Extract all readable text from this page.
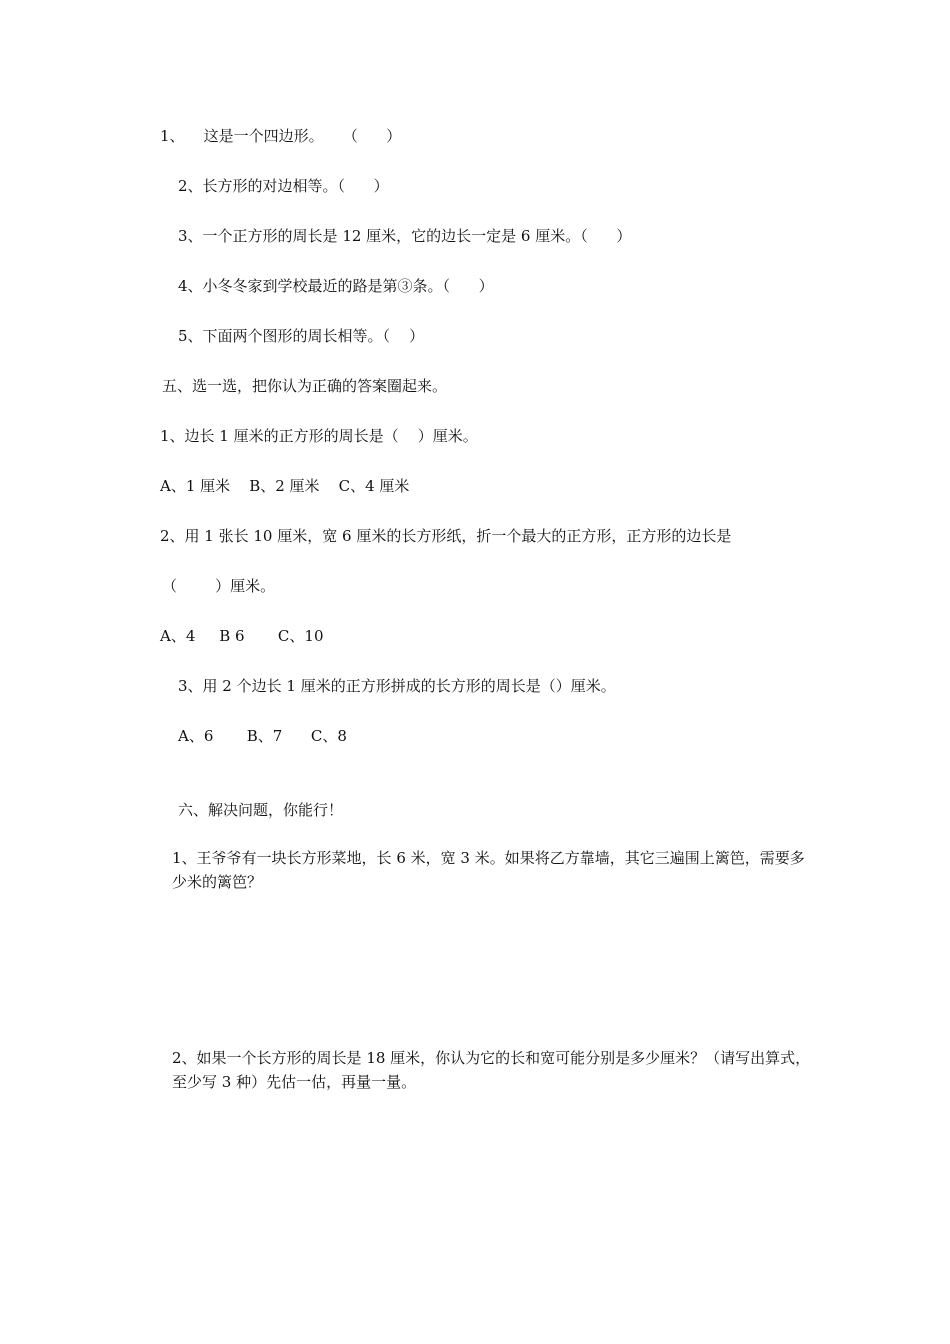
1、    这是一个四边形。    （      ）
2、长方形的对边相等。（      ）
3、一个正方形的周长是 12 厘米，它的边长一定是 6 厘米。（      ）
4、小冬冬家到学校最近的路是第③条。（      ）
5、下面两个图形的周长相等。（    ）
五、选一选，把你认为正确的答案圈起来。
1、边长 1 厘米的正方形的周长是（    ）厘米。
A、1 厘米    B、2 厘米    C、4 厘米
2、用 1 张长 10 厘米，宽 6 厘米的长方形纸，折一个最大的正方形，正方形的边长是
（        ）厘米。
A、4     B 6       C、10
3、用 2 个边长 1 厘米的正方形拼成的长方形的周长是（）厘米。
A、6       B、7      C、8
六、解决问题，你能行！
1、王爷爷有一块长方形菜地，长 6 米，宽 3 米。如果将乙方靠墙，其它三遍围上篱笆，需要多少米的篱笆？
2、如果一个长方形的周长是 18 厘米，你认为它的长和宽可能分别是多少厘米？（请写出算式，至少写 3 种）先估一估，再量一量。
